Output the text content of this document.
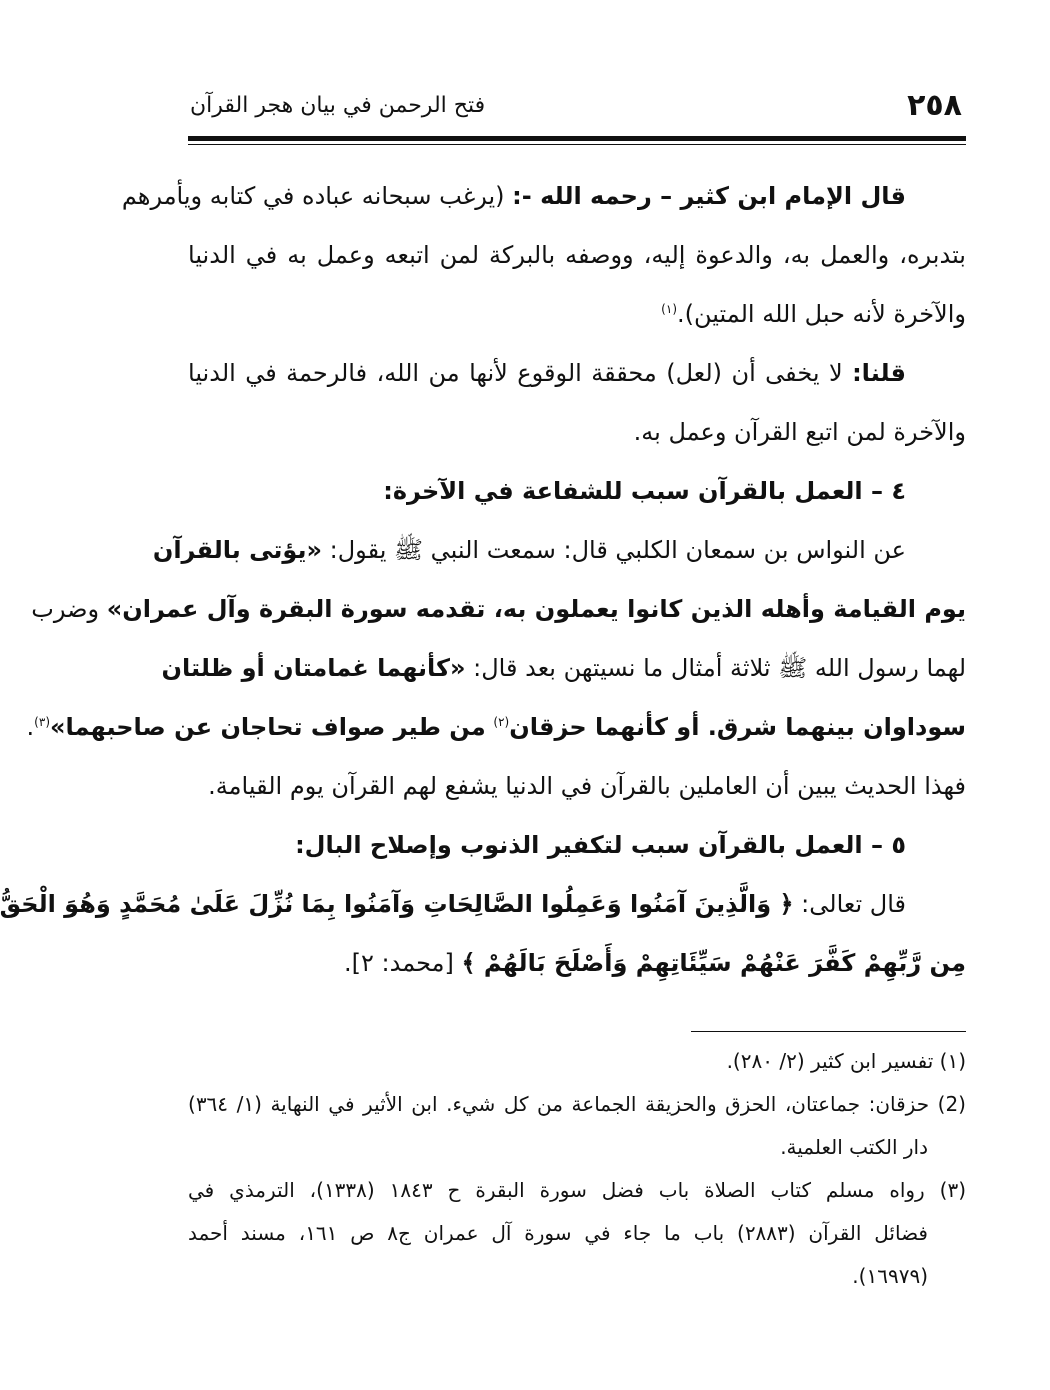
٢٥٨
فتح الرحمن في بيان هجر القرآن
قال الإمام ابن كثير – رحمه الله -: (يرغب سبحانه عباده في كتابه ويأمرهم
بتدبره، والعمل به، والدعوة إليه، ووصفه بالبركة لمن اتبعه وعمل به في الدنيا
والآخرة لأنه حبل الله المتين).$^{(١)}$
قلنا: لا يخفى أن (لعل) محققة الوقوع لأنها من الله، فالرحمة في الدنيا
والآخرة لمن اتبع القرآن وعمل به.
٤ – العمل بالقرآن سبب للشفاعة في الآخرة:
عن النواس بن سمعان الكلبي قال: سمعت النبي ﷺ يقول: «يؤتى بالقرآن
يوم القيامة وأهله الذين كانوا يعملون به، تقدمه سورة البقرة وآل عمران» وضرب
لهما رسول الله ﷺ ثلاثة أمثال ما نسيتهن بعد قال: «كأنهما غمامتان أو ظلتان
سوداوان بينهما شرق. أو كأنهما حزقان$^{(٢)}$ من طير صواف تحاجان عن صاحبهما»$^{(٣)}$.
فهذا الحديث يبين أن العاملين بالقرآن في الدنيا يشفع لهم القرآن يوم القيامة.
٥ – العمل بالقرآن سبب لتكفير الذنوب وإصلاح البال:
قال تعالى: ﴿ وَالَّذِينَ آمَنُوا وَعَمِلُوا الصَّالِحَاتِ وَآمَنُوا بِمَا نُزِّلَ عَلَىٰ مُحَمَّدٍ وَهُوَ الْحَقُّ
مِن رَّبِّهِمْ كَفَّرَ عَنْهُمْ سَيِّئَاتِهِمْ وَأَصْلَحَ بَالَهُمْ ﴾ [محمد: ٢].
(١) تفسير ابن كثير (٢/ ٢٨٠).
(2) حزقان: جماعتان، الحزق والحزيقة الجماعة من كل شيء. ابن الأثير في النهاية (١/ ٣٦٤)
دار الكتب العلمية.
(٣) رواه مسلم كتاب الصلاة باب فضل سورة البقرة ح ١٨٤٣ (١٣٣٨)، الترمذي في
فضائل القرآن (٢٨٨٣) باب ما جاء في سورة آل عمران ج٨ ص ١٦١، مسند أحمد
(١٦٩٧٩).
